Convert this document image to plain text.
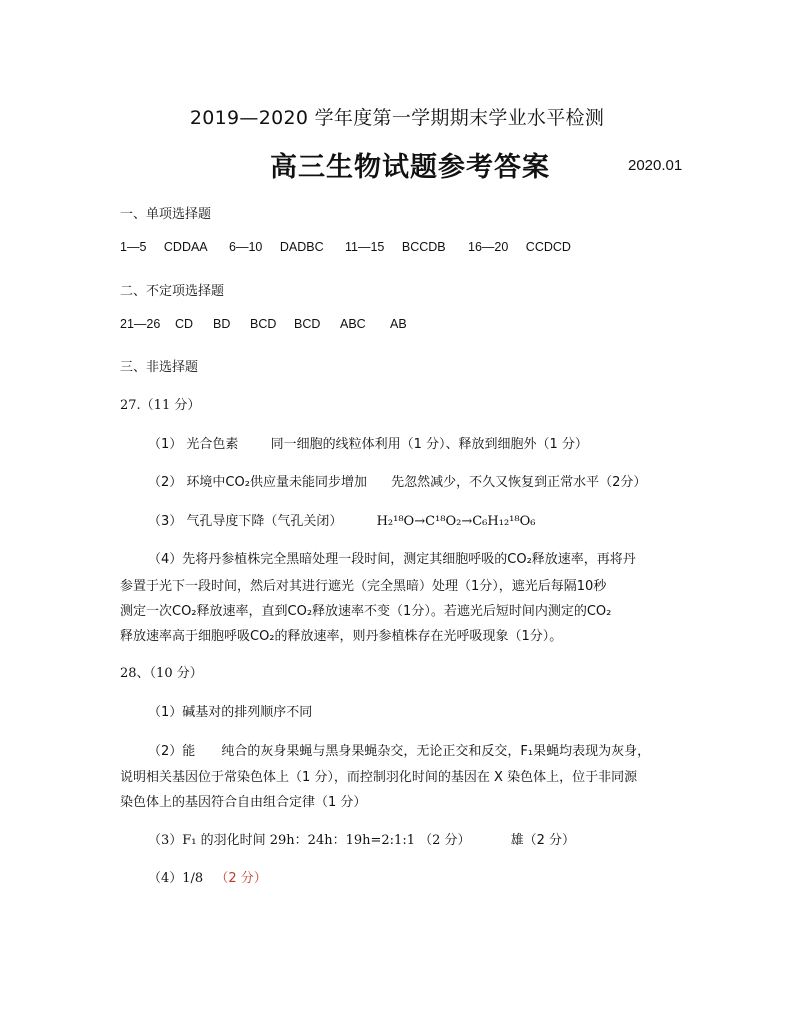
2019—2020 学年度第一学期期末学业水平检测
高三生物试题参考答案	2020.01
一、单项选择题
1—5 CDDAA 6—10 DADBC 11—15 BCCDB 16—20 CCDCD
二、不定项选择题
21—26 CD BD BCD BCD ABC AB
三、非选择题
27.（11 分）
（1） 光合色素 同一细胞的线粒体利用（1 分）、释放到细胞外（1 分）
（2） 环境中CO₂供应量未能同步增加 先忽然减少，不久又恢复到正常水平（2分）
（3） 气孔导度下降（气孔关闭）	H₂¹⁸O→C¹⁸O₂→C₆H₁₂¹⁸O₆
（4）先将丹参植株完全黑暗处理一段时间，测定其细胞呼吸的CO₂释放速率，再将丹
参置于光下一段时间，然后对其进行遮光（完全黑暗）处理（1分），遮光后每隔10秒
测定一次CO₂释放速率，直到CO₂释放速率不变（1分）。若遮光后短时间内测定的CO₂
释放速率高于细胞呼吸CO₂的释放速率，则丹参植株存在光呼吸现象（1分）。
28、（10 分）
（1）碱基对的排列顺序不同
（2）能 纯合的灰身果蝇与黑身果蝇杂交，无论正交和反交，F₁果蝇均表现为灰身，
说明相关基因位于常染色体上（1 分），而控制羽化时间的基因在 X 染色体上，位于非同源
染色体上的基因符合自由组合定律（1 分）
（3）F₁ 的羽化时间 29h：24h：19h=2:1:1 （2 分）	雄（2 分）
（4）1/8 （2 分）
